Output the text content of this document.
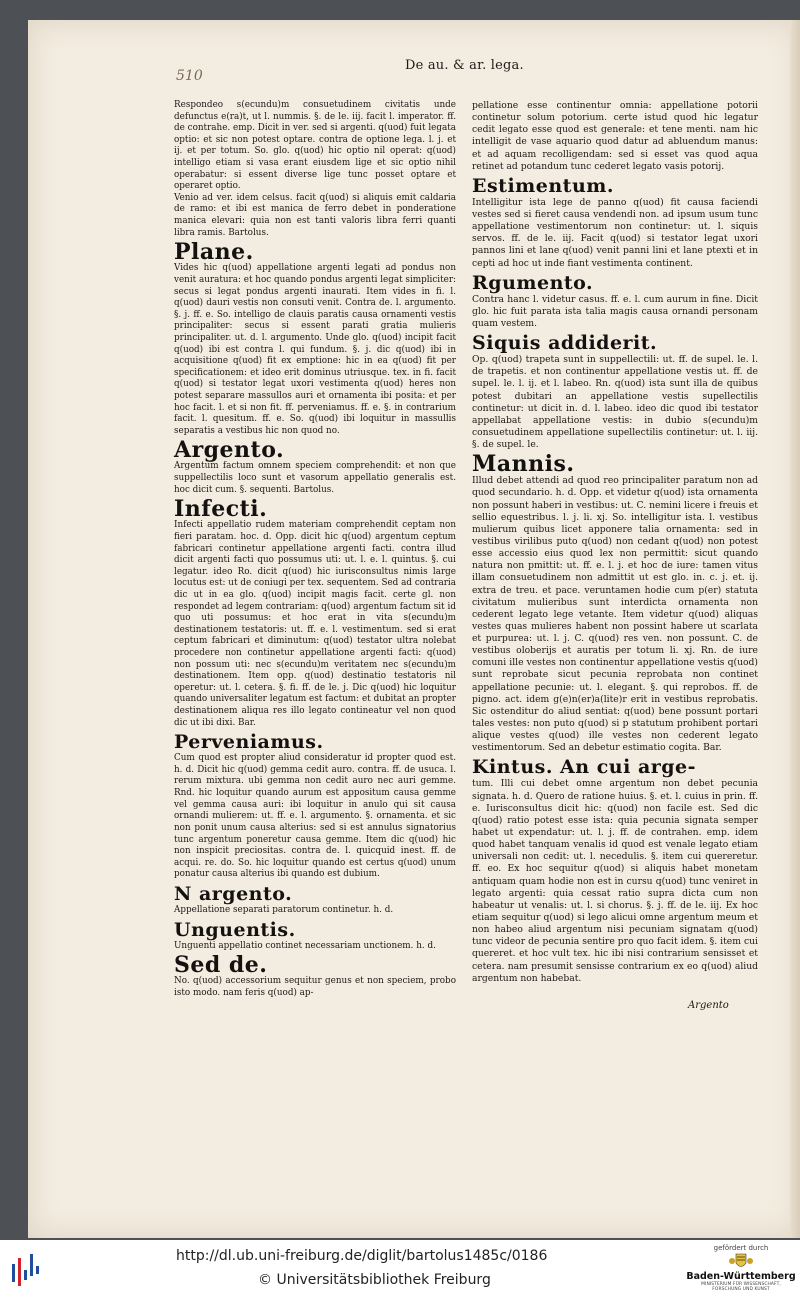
510
De au. & ar. lega.

Respondeo s(ecundu)m consuetudinem civitatis unde defunctus e(ra)t, ut l. nummis. §. de le. iij. facit l. imperator. ff. de contrahe. emp. Dicit in ver. sed si argenti. q(uod) fuit legata optio: et sic non potest optare. contra de optione lega. l. j. et ij. et per totum. So. glo. q(uod) hic optio nil operat: q(uod) intelligo etiam si vasa erant eiusdem lige et sic optio nihil operabatur: si essent diverse lige tunc posset optare et operaret optio.

Venio ad ver. idem celsus. facit q(uod) si aliquis emit caldaria de ramo: et ibi est manica de ferro debet in ponderatione manica elevari: quia non est tanti valoris libra ferri quanti libra ramis. Bartolus.

Plane.

Vides hic q(uod) appellatione argenti legati ad pondus non venit auratura: et hoc quando pondus argenti legat simpliciter: secus si legat pondus argenti inaurati. Item vides in fi. l. q(uod) dauri vestis non consuti venit. Contra de. l. argumento. §. j. ff. e. So. intelligo de clauis paratis causa ornamenti vestis principaliter: secus si essent parati gratia mulieris principaliter. ut. d. l. argumento. Unde glo. q(uod) incipit facit q(uod) ibi est contra l. qui fundum. §. j. dic q(uod) ibi in acquisitione q(uod) fit ex emptione: hic in ea q(uod) fit per specificationem: et ideo erit dominus utriusque. tex. in fi. facit q(uod) si testator legat uxori vestimenta q(uod) heres non potest separare massullos auri et ornamenta ibi posita: et per hoc facit. l. et si non fit. ff. perveniamus. ff. e. §. in contrarium facit. l. quesitum. ff. e. So. q(uod) ibi loquitur in massullis separatis a vestibus hic non quod no.

Argento.

Argentum factum omnem speciem comprehendit: et non que suppellectilis loco sunt et vasorum appellatio generalis est. hoc dicit cum. §. sequenti. Bartolus.

Infecti.

Infecti appellatio rudem materiam comprehendit ceptam non fieri paratam. hoc. d. Opp. dicit hic q(uod) argentum ceptum fabricari continetur appellatione argenti facti. contra illud dicit argenti facti quo possumus uti: ut. l. e. l. quintus. §. cui legatur. ideo Ro. dicit q(uod) hic iurisconsultus nimis large locutus est: ut de coniugi per tex. sequentem. Sed ad contraria dic ut in ea glo. q(uod) incipit magis facit. certe gl. non respondet ad legem contrariam: q(uod) argentum factum sit id quo uti possumus: et hoc erat in vita s(ecundu)m destinationem testatoris: ut. ff. e. l. vestimentum. sed si erat ceptum fabricari et diminutum: q(uod) testator ultra nolebat procedere non continetur appellatione argenti facti: q(uod) non possum uti: nec s(ecundu)m veritatem nec s(ecundu)m destinationem. Item opp. q(uod) destinatio testatoris nil operetur: ut. l. cetera. §. fi. ff. de le. j. Dic q(uod) hic loquitur quando universaliter legatum est factum: et dubitat an propter destinationem aliqua res illo legato contineatur vel non quod dic ut ibi dixi. Bar.

Perveniamus.

Cum quod est propter aliud consideratur id propter quod est. h. d. Dicit hic q(uod) gemma cedit auro. contra. ff. de usuca. l. rerum mixtura. ubi gemma non cedit auro nec auri gemme. Rnd. hic loquitur quando aurum est appositum causa gemme vel gemma causa auri: ibi loquitur in anulo qui sit causa ornandi mulierem: ut. ff. e. l. argumento. §. ornamenta. et sic non ponit unum causa alterius: sed si est annulus signatorius tunc argentum poneretur causa gemme. Item dic q(uod) hic non inspicit preciositas. contra de. l. quicquid inest. ff. de acqui. re. do. So. hic loquitur quando est certus q(uod) unum ponatur causa alterius ibi quando est dubium.

N argento.

Appellatione separati paratorum continetur. h. d.

Unguentis.

Unguenti appellatio continet necessariam unctionem. h. d.

Sed de.

No. q(uod) accessorium sequitur genus et non speciem, probo isto modo. nam feris q(uod) ap-

pellatione esse continentur omnia: appellatione potorii continetur solum potorium. certe istud quod hic legatur cedit legato esse quod est generale: et tene menti. nam hic intelligit de vase aquario quod datur ad abluendum manus: et ad aquam recolligendam: sed si esset vas quod aqua retinet ad potandum tunc cederet legato vasis potorij.

Estimentum.

Intelligitur ista lege de panno q(uod) fit causa faciendi vestes sed si fieret causa vendendi non. ad ipsum usum tunc appellatione vestimentorum non continetur: ut. l. siquis servos. ff. de le. iij. Facit q(uod) si testator legat uxori pannos lini et lane q(uod) venit panni lini et lane ptexti et in cepti ad hoc ut inde fiant vestimenta continent.

Rgumento.

Contra hanc l. videtur casus. ff. e. l. cum aurum in fine. Dicit glo. hic fuit parata ista talia magis causa ornandi personam quam vestem.

Siquis addiderit.

Op. q(uod) trapeta sunt in suppellectili: ut. ff. de supel. le. l. de trapetis. et non continentur appellatione vestis ut. ff. de supel. le. l. ij. et l. labeo. Rn. q(uod) ista sunt illa de quibus potest dubitari an appellatione vestis supellectilis continetur: ut dicit in. d. l. labeo. ideo dic quod ibi testator appellabat appellatione vestis: in dubio s(ecundu)m consuetudinem appellatione supellectilis continetur: ut. l. iij. §. de supel. le.

Mannis.

Illud debet attendi ad quod reo principaliter paratum non ad quod secundario. h. d. Opp. et videtur q(uod) ista ornamenta non possunt haberi in vestibus: ut. C. nemini licere i freuis et sellio equestribus. l. j. li. xj. So. intelligitur ista. l. vestibus mulierum quibus licet apponere talia ornamenta: sed in vestibus virilibus puto q(uod) non cedant q(uod) non potest esse accessio eius quod lex non permittit: sicut quando natura non pmittit: ut. ff. e. l. j. et hoc de iure: tamen vitus illam consuetudinem non admittit ut est glo. in. c. j. et. ij. extra de treu. et pace. veruntamen hodie cum p(er) statuta civitatum mulieribus sunt interdicta ornamenta non cederent legato lege vetante. Item videtur q(uod) aliquas vestes quas mulieres habent non possint habere ut scarlata et purpurea: ut. l. j. C. q(uod) res ven. non possunt. C. de vestibus oloberijs et auratis per totum li. xj. Rn. de iure comuni ille vestes non continentur appellatione vestis q(uod) sunt reprobate sicut pecunia reprobata non continet appellatione pecunie: ut. l. elegant. §. qui reprobos. ff. de pigno. act. idem g(e)n(er)a(lite)r erit in vestibus reprobatis. Sic ostenditur do aliud sentiat: q(uod) bene possunt portari tales vestes: non puto q(uod) si p statutum prohibent portari alique vestes q(uod) ille vestes non cederent legato vestimentorum. Sed an debetur estimatio cogita. Bar.

Kintus. An cui arge-

tum. Illi cui debet omne argentum non debet pecunia signata. h. d. Quero de ratione huius. §. et. l. cuius in prin. ff. e. Iurisconsultus dicit hic: q(uod) non facile est. Sed dic q(uod) ratio potest esse ista: quia pecunia signata semper habet ut expendatur: ut. l. j. ff. de contrahen. emp. idem quod habet tanquam venalis id quod est venale legato etiam universali non cedit: ut. l. necedulis. §. item cui quereretur. ff. eo. Ex hoc sequitur q(uod) si aliquis habet monetam antiquam quam hodie non est in cursu q(uod) tunc veniret in legato argenti: quia cessat ratio supra dicta cum non habeatur ut venalis: ut. l. si chorus. §. j. ff. de le. iij. Ex hoc etiam sequitur q(uod) si lego alicui omne argentum meum et non habeo aliud argentum nisi pecuniam signatam q(uod) tunc videor de pecunia sentire pro quo facit idem. §. item cui quereret. et hoc vult tex. hic ibi nisi contrarium sensisset et cetera. nam presumit sensisse contrarium ex eo q(uod) aliud argentum non habebat.

Argento
http://dl.ub.uni-freiburg.de/diglit/bartolus1485c/0186
© Universitätsbibliothek Freiburg
gefördert durch
Baden-Württemberg
MINISTERIUM FÜR WISSENSCHAFT, FORSCHUNG UND KUNST
